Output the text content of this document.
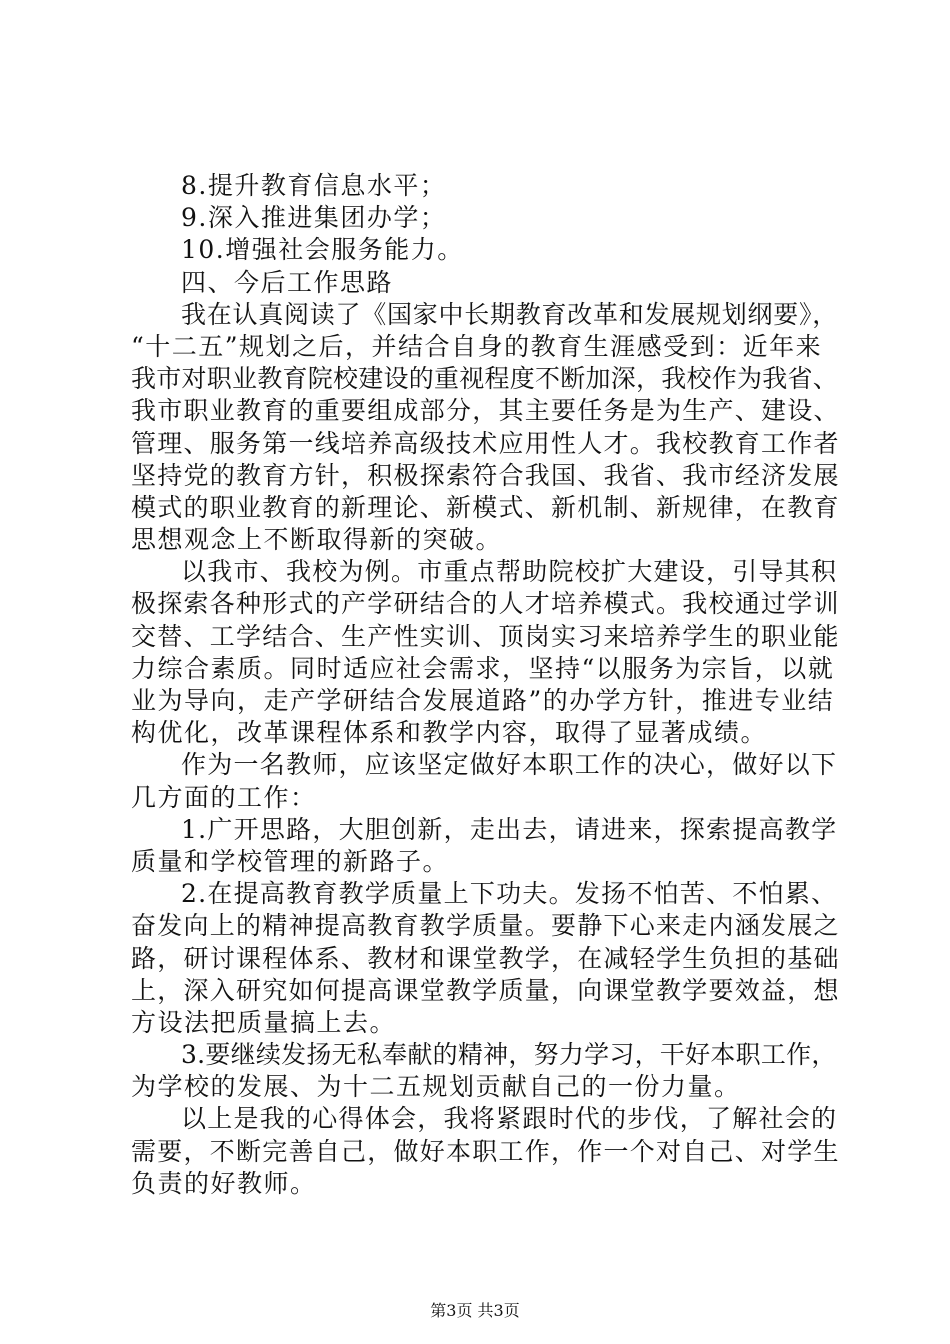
8.提升教育信息水平；
9.深入推进集团办学；
10.增强社会服务能力。
四、今后工作思路
我在认真阅读了《国家中长期教育改革和发展规划纲要》，
“十二五”规划之后，并结合自身的教育生涯感受到：近年来
我市对职业教育院校建设的重视程度不断加深，我校作为我省、
我市职业教育的重要组成部分，其主要任务是为生产、建设、
管理、服务第一线培养高级技术应用性人才。我校教育工作者
坚持党的教育方针，积极探索符合我国、我省、我市经济发展
模式的职业教育的新理论、新模式、新机制、新规律，在教育
思想观念上不断取得新的突破。
以我市、我校为例。市重点帮助院校扩大建设，引导其积
极探索各种形式的产学研结合的人才培养模式。我校通过学训
交替、工学结合、生产性实训、顶岗实习来培养学生的职业能
力综合素质。同时适应社会需求，坚持“以服务为宗旨，以就
业为导向，走产学研结合发展道路”的办学方针，推进专业结
构优化，改革课程体系和教学内容，取得了显著成绩。
作为一名教师，应该坚定做好本职工作的决心，做好以下
几方面的工作：
1.广开思路，大胆创新，走出去，请进来，探索提高教学
质量和学校管理的新路子。
2.在提高教育教学质量上下功夫。发扬不怕苦、不怕累、
奋发向上的精神提高教育教学质量。要静下心来走内涵发展之
路，研讨课程体系、教材和课堂教学，在减轻学生负担的基础
上，深入研究如何提高课堂教学质量，向课堂教学要效益，想
方设法把质量搞上去。
3.要继续发扬无私奉献的精神，努力学习，干好本职工作，
为学校的发展、为十二五规划贡献自己的一份力量。
以上是我的心得体会，我将紧跟时代的步伐，了解社会的
需要，不断完善自己，做好本职工作，作一个对自己、对学生
负责的好教师。
第3页 共3页
